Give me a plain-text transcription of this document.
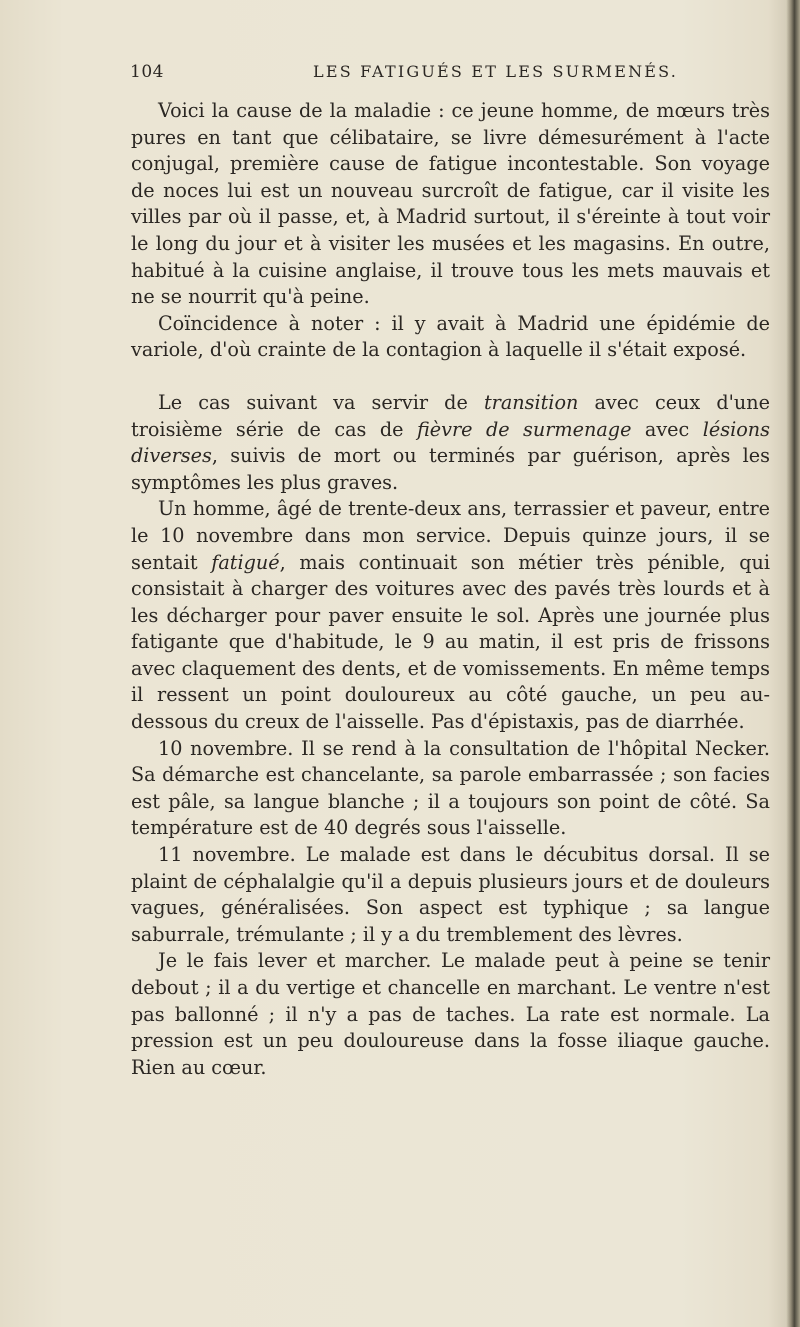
104	LES FATIGUÉS ET LES SURMENÉS.

Voici la cause de la maladie : ce jeune homme, de mœurs très pures en tant que célibataire, se livre démesurément à l'acte conjugal, première cause de fatigue incontestable. Son voyage de noces lui est un nouveau surcroît de fatigue, car il visite les villes par où il passe, et, à Madrid surtout, il s'éreinte à tout voir le long du jour et à visiter les musées et les magasins. En outre, habitué à la cuisine anglaise, il trouve tous les mets mauvais et ne se nourrit qu'à peine.

Coïncidence à noter : il y avait à Madrid une épidémie de variole, d'où crainte de la contagion à laquelle il s'était exposé.

Le cas suivant va servir de transition avec ceux d'une troisième série de cas de fièvre de surmenage avec lésions diverses, suivis de mort ou terminés par guérison, après les symptômes les plus graves.

Un homme, âgé de trente-deux ans, terrassier et paveur, entre le 10 novembre dans mon service. Depuis quinze jours, il se sentait fatigué, mais continuait son métier très pénible, qui consistait à charger des voitures avec des pavés très lourds et à les décharger pour paver ensuite le sol. Après une journée plus fatigante que d'habitude, le 9 au matin, il est pris de frissons avec claquement des dents, et de vomissements. En même temps il ressent un point douloureux au côté gauche, un peu au-dessous du creux de l'aisselle. Pas d'épistaxis, pas de diarrhée.

10 novembre. Il se rend à la consultation de l'hôpital Necker. Sa démarche est chancelante, sa parole embarrassée ; son facies est pâle, sa langue blanche ; il a toujours son point de côté. Sa température est de 40 degrés sous l'aisselle.

11 novembre. Le malade est dans le décubitus dorsal. Il se plaint de céphalalgie qu'il a depuis plusieurs jours et de douleurs vagues, généralisées. Son aspect est typhique ; sa langue saburrale, trémulante ; il y a du tremblement des lèvres.

Je le fais lever et marcher. Le malade peut à peine se tenir debout ; il a du vertige et chancelle en marchant. Le ventre n'est pas ballonné ; il n'y a pas de taches. La rate est normale. La pression est un peu douloureuse dans la fosse iliaque gauche. Rien au cœur.
